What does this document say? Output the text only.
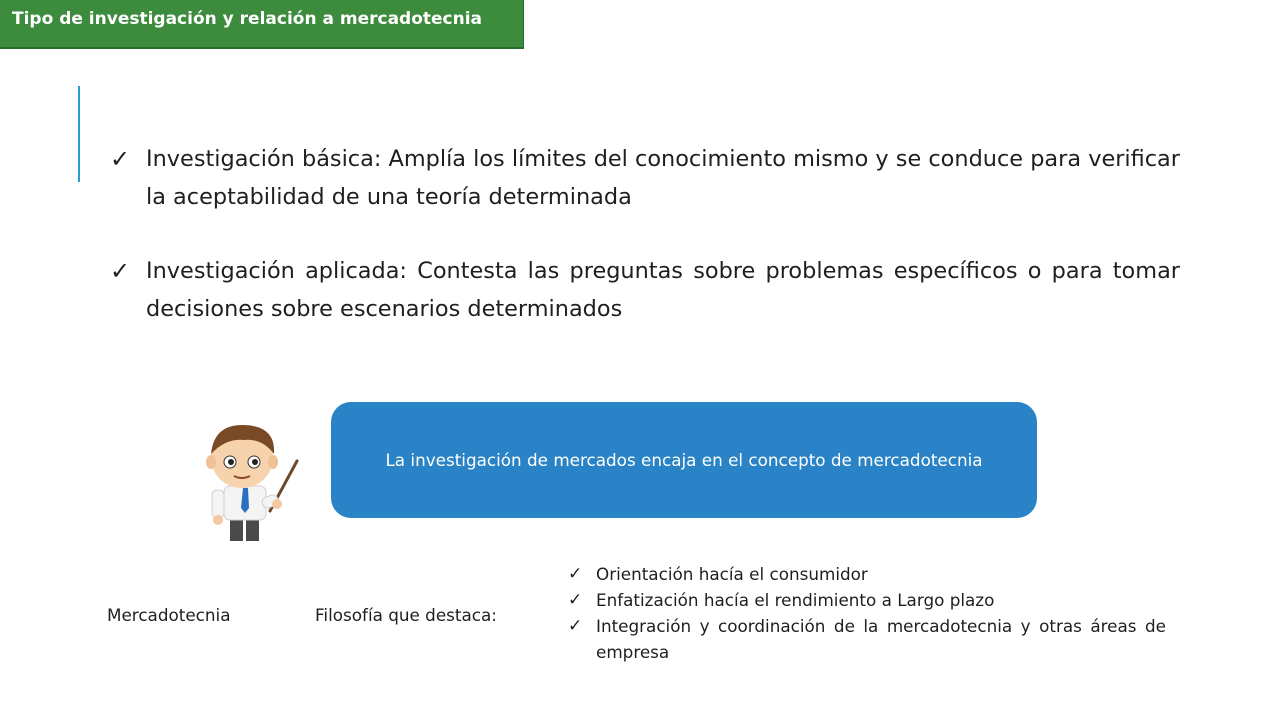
Tipo de investigación y relación a mercadotecnia
✓ Investigación básica: Amplía los límites del conocimiento mismo y se conduce para verificar la aceptabilidad de una teoría determinada
✓ Investigación aplicada: Contesta las preguntas sobre problemas específicos o para tomar decisiones sobre escenarios determinados
La investigación de mercados encaja en el concepto de mercadotecnia
Mercadotecnia	Filosofía que destaca:
✓ Orientación hacía el consumidor
✓ Enfatización hacía el rendimiento a Largo plazo
✓ Integración y coordinación de la mercadotecnia y otras áreas de empresa
